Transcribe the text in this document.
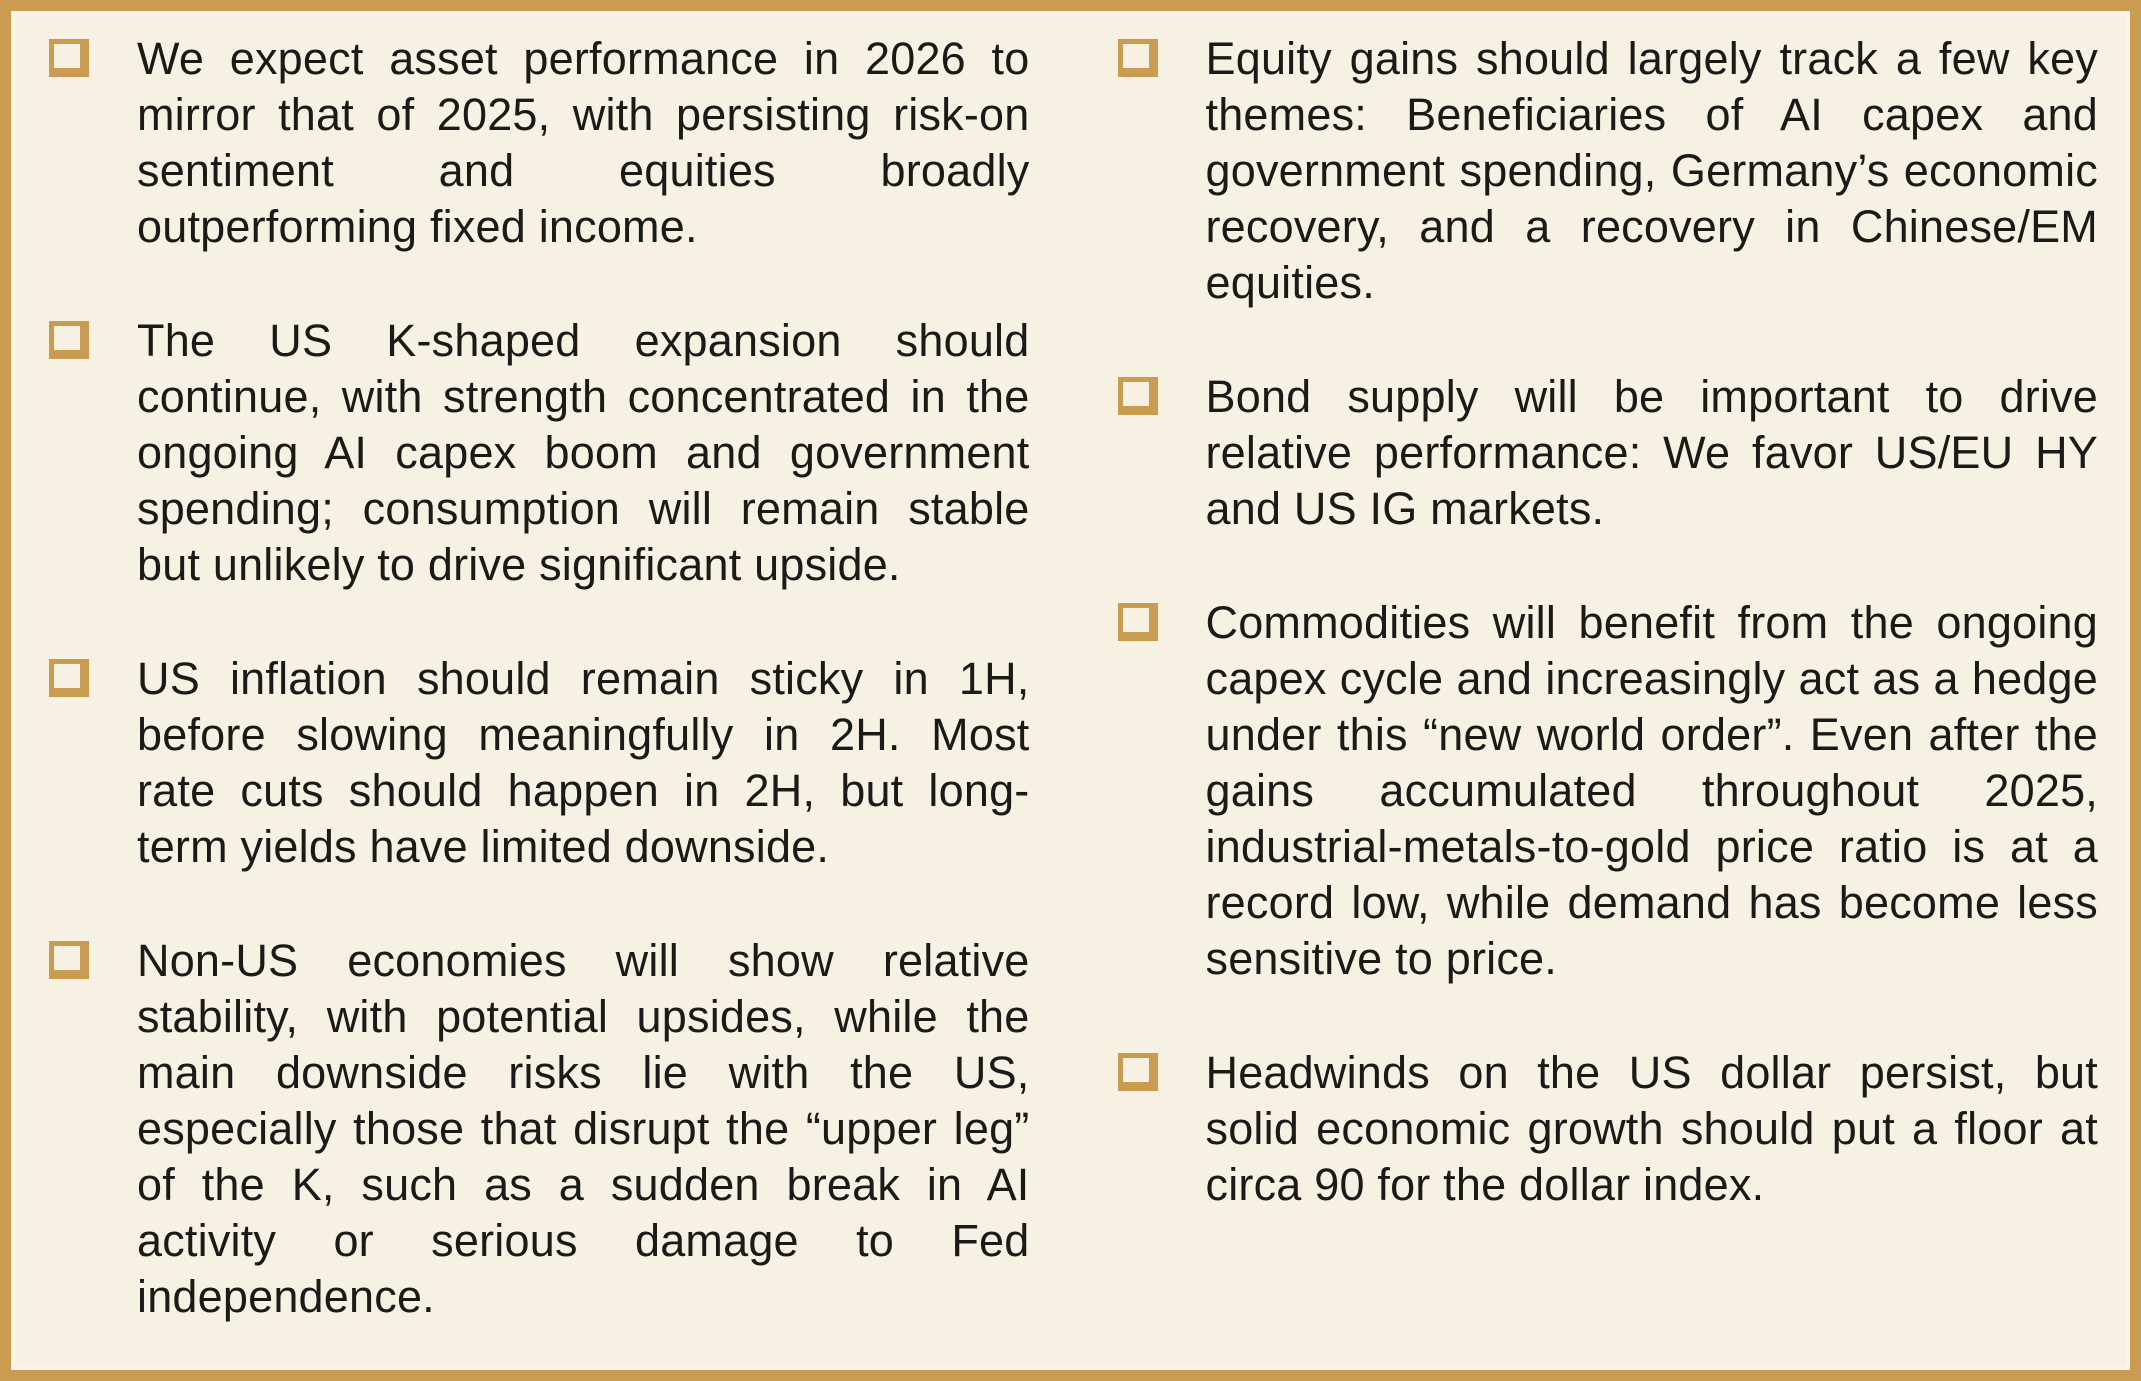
We expect asset performance in 2026 to mirror that of 2025, with persisting risk-on sentiment and equities broadly outperforming fixed income.

The US K-shaped expansion should continue, with strength concentrated in the ongoing AI capex boom and government spending; consumption will remain stable but unlikely to drive significant upside.

US inflation should remain sticky in 1H, before slowing meaningfully in 2H. Most rate cuts should happen in 2H, but long-term yields have limited downside.

Non-US economies will show relative stability, with potential upsides, while the main downside risks lie with the US, especially those that disrupt the “upper leg” of the K, such as a sudden break in AI activity or serious damage to Fed independence.

Equity gains should largely track a few key themes: Beneficiaries of AI capex and government spending, Germany’s economic recovery, and a recovery in Chinese/EM equities.

Bond supply will be important to drive relative performance: We favor US/EU HY and US IG markets.

Commodities will benefit from the ongoing capex cycle and increasingly act as a hedge under this “new world order”. Even after the gains accumulated throughout 2025, industrial-metals-to-gold price ratio is at a record low, while demand has become less sensitive to price.

Headwinds on the US dollar persist, but solid economic growth should put a floor at circa 90 for the dollar index.
